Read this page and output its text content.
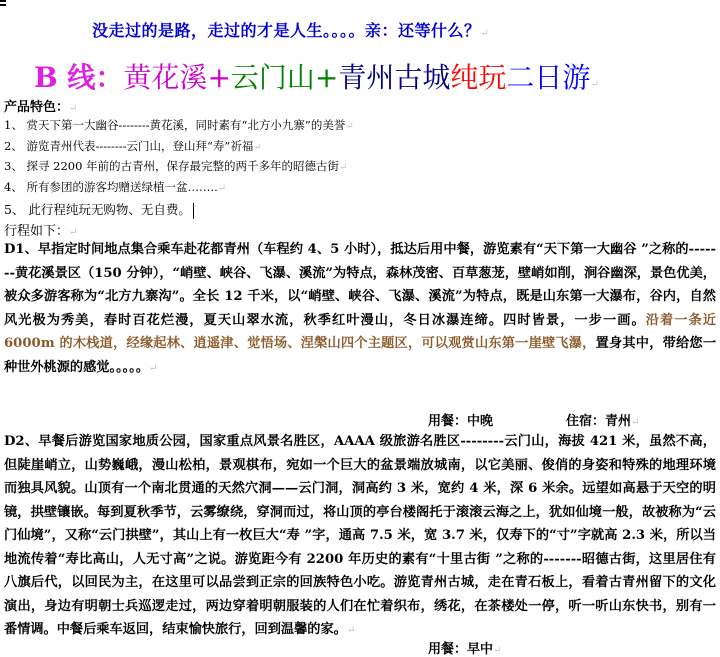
没走过的是路，走过的才是人生。。。。亲：还等什么？↵
B 线：黄花溪+云门山+青州古城纯玩二日游↵
产品特色：↵
1、 赏天下第一大幽谷--------黄花溪，同时素有“北方小九寨”的美誉↵
2、 游览青州代表--------云门山，登山拜“寿”祈福↵
3、 探寻 2200 年前的古青州，保存最完整的两千多年的昭德古街↵
4、 所有参团的游客均赠送绿植一盆……..↵
5、 此行程纯玩无购物、无自费。
行程如下：↵

D1、早指定时间地点集合乘车赴花都青州（车程约 4、5 小时），抵达后用中餐，游览素有“天下第一大幽谷 ”之称的-------黄花溪景区（150 分钟），“峭壁、峡谷、飞瀑、溪流”为特点，森林茂密、百草葱茏，壁峭如削，涧谷幽深，景色优美，被众多游客称为“北方九寨沟”。全长 12 千米，以“峭壁、峡谷、飞瀑、溪流”为特点，既是山东第一大瀑布，谷内，自然风光极为秀美，春时百花烂漫，夏天山翠水流，秋季红叶漫山，冬日冰瀑连缔。四时皆景，一步一画。沿着一条近 6000m 的木栈道，经缘起林、逍遥津、觉悟场、涅槃山四个主题区，可以观赏山东第一崖壁飞瀑，置身其中，带给您一种世外桃源的感觉。。。。。↵

用餐：中晚	住宿：青州↵

D2、早餐后游览国家地质公园，国家重点风景名胜区，AAAA 级旅游名胜区--------云门山，海拔 421 米，虽然不高，但陡崖峭立，山势巍峨，漫山松柏，景观棋布，宛如一个巨大的盆景端放城南，以它美丽、俊俏的身姿和特殊的地理环境而独具风貌。山顶有一个南北贯通的天然穴洞——云门洞，洞高约 3 米，宽约 4 米，深 6 米余。远望如高悬于天空的明镜，拱壁镶嵌。每到夏秋季节，云雾缭绕，穿洞而过，将山顶的亭台楼阁托于滚滚云海之上，犹如仙境一般，故被称为“云门仙境”，又称“云门拱壁”，其山上有一枚巨大“寿 ”字，通高 7.5 米，宽 3.7 米，仅寿下的“寸”字就高 2.3 米，所以当地流传着“寿比高山，人无寸高”之说。游览距今有 2200 年历史的素有“十里古街 ”之称的-------昭德古街，这里居住有八旗后代，以回民为主，在这里可以品尝到正宗的回族特色小吃。游览青州古城，走在青石板上，看着古青州留下的文化演出，身边有明朝士兵巡逻走过，两边穿着明朝服装的人们在忙着织布，绣花，在茶楼处一停，听一听山东快书，别有一番情调。中餐后乘车返回，结束愉快旅行，回到温馨的家。↵

用餐：早中↵
